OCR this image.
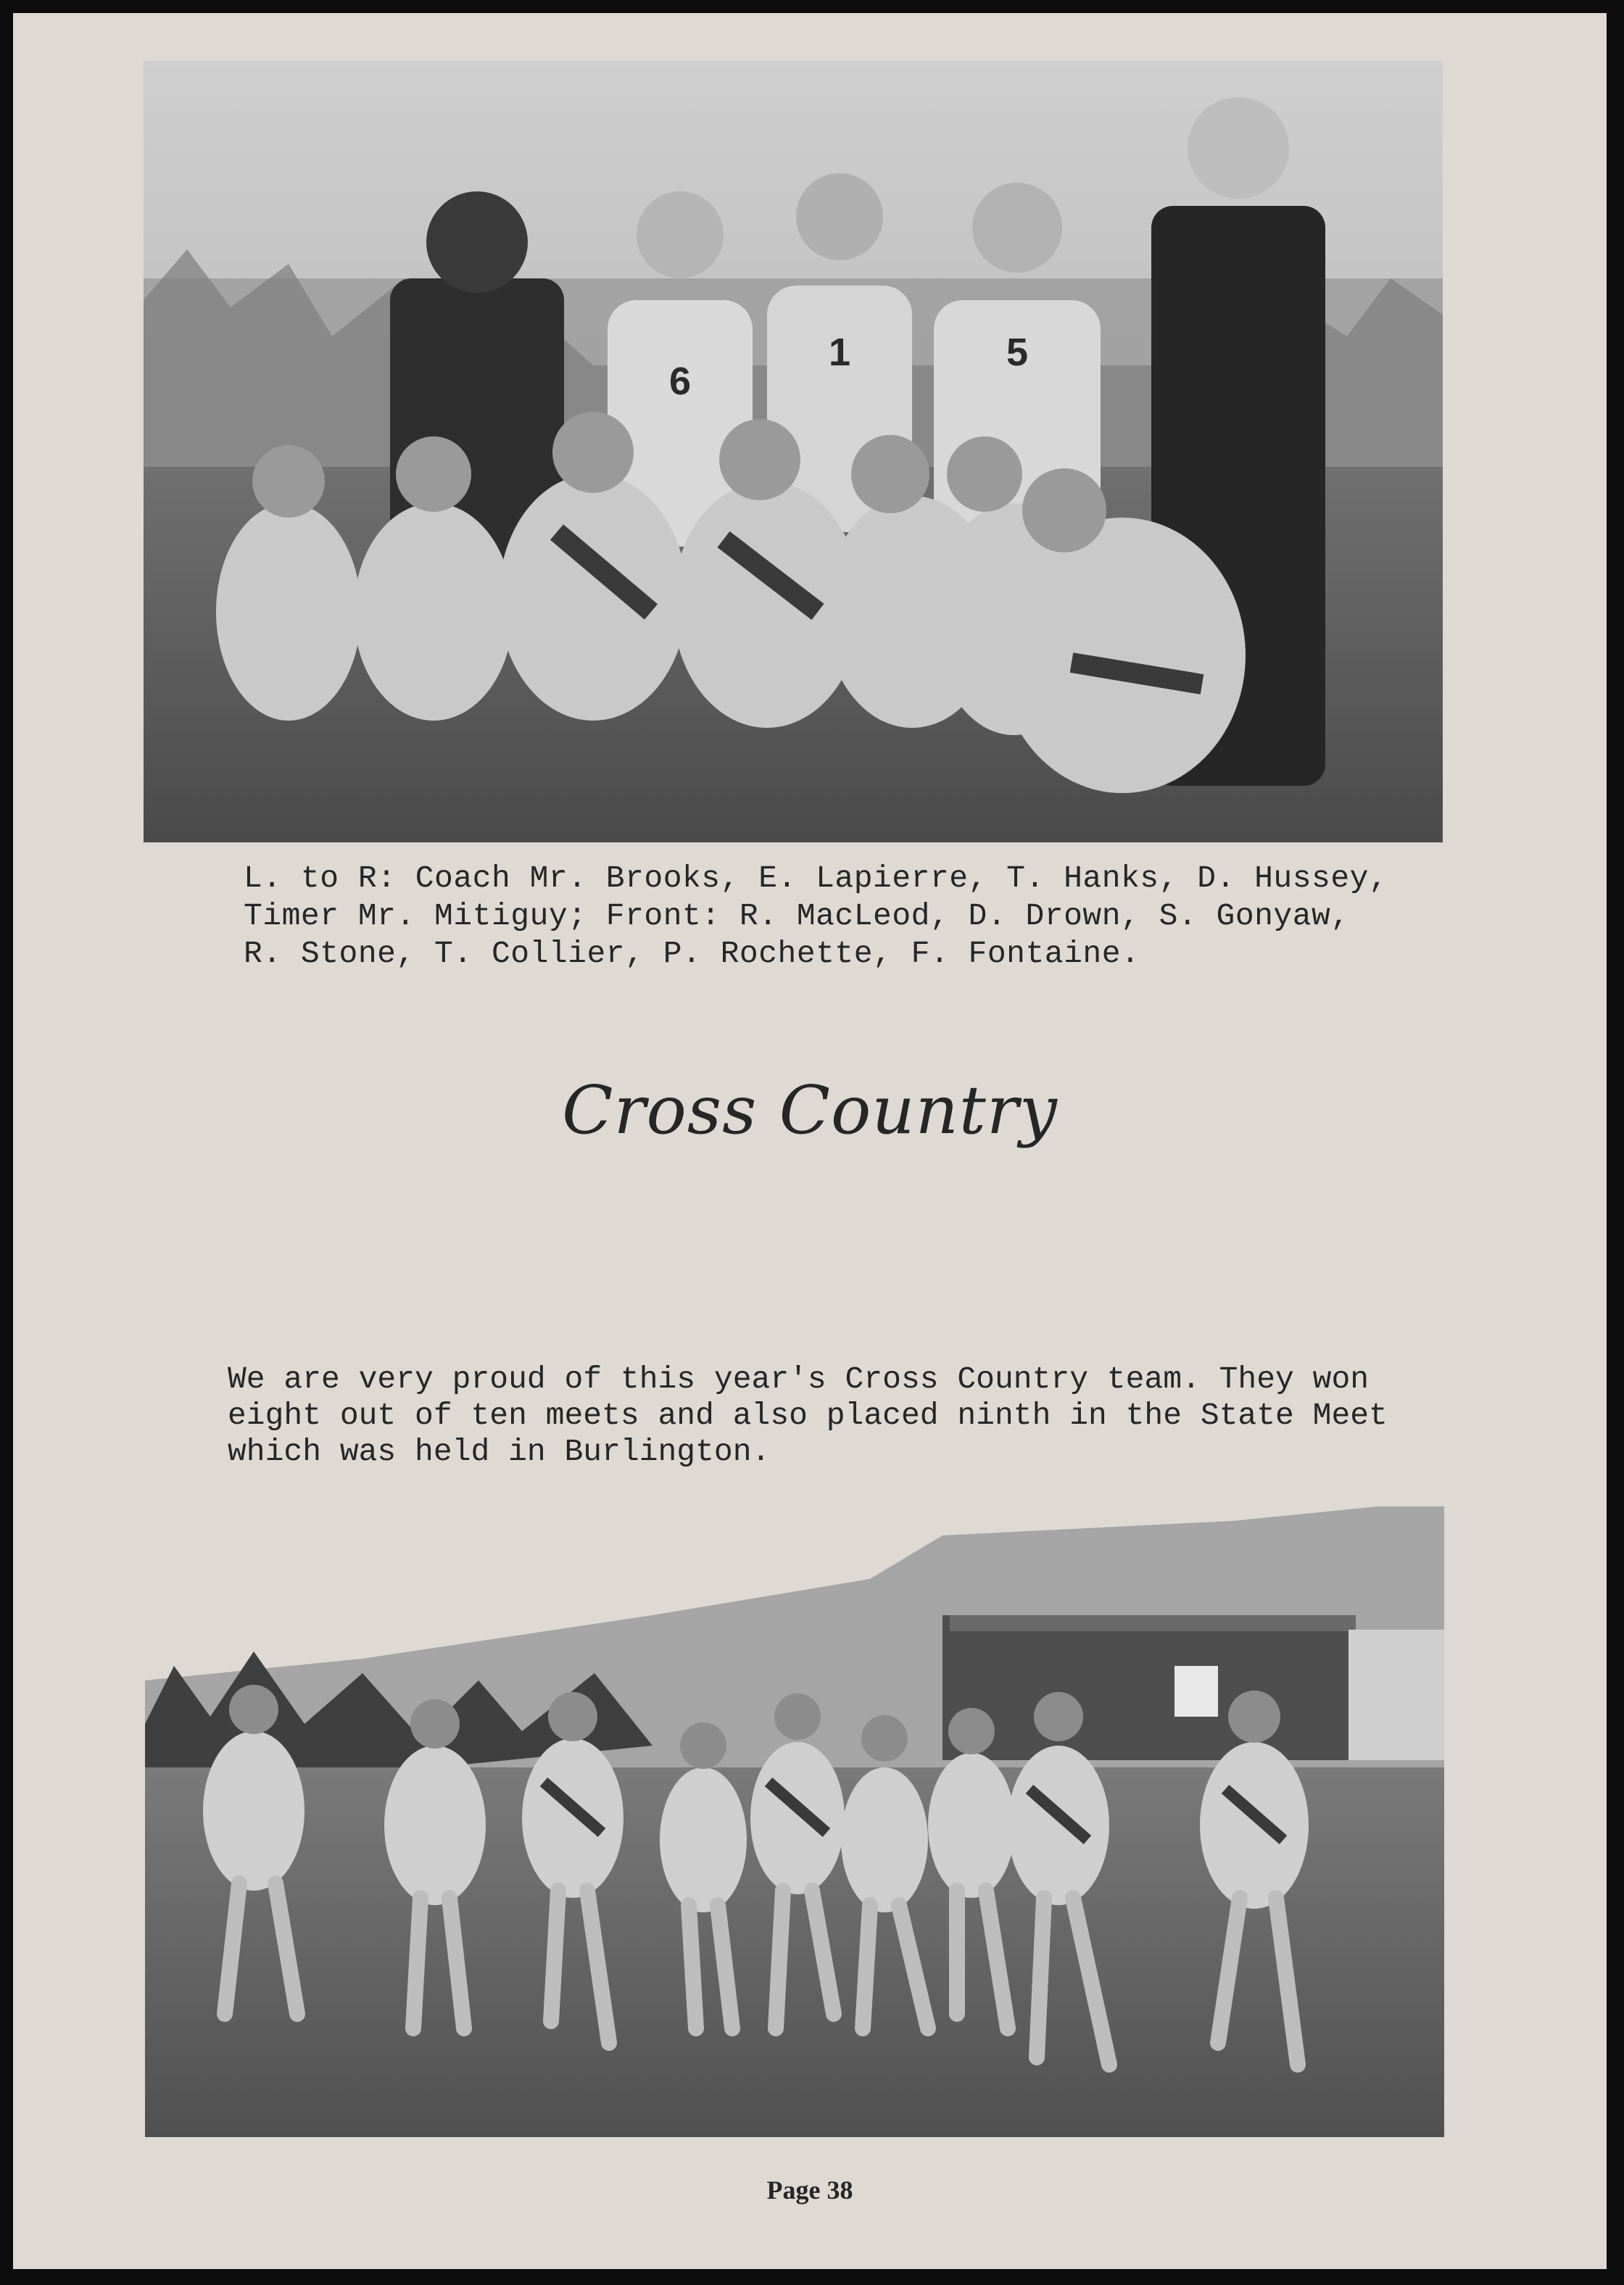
6
1	5
L. to R: Coach Mr. Brooks, E. Lapierre, T. Hanks, D. Hussey,
Timer Mr. Mitiguy; Front: R. MacLeod, D. Drown, S. Gonyaw,
R. Stone, T. Collier, P. Rochette, F. Fontaine.
Cross Country
We are very proud of this year's Cross Country team. They won
eight out of ten meets and also placed ninth in the State Meet
which was held in Burlington.
Page 38
